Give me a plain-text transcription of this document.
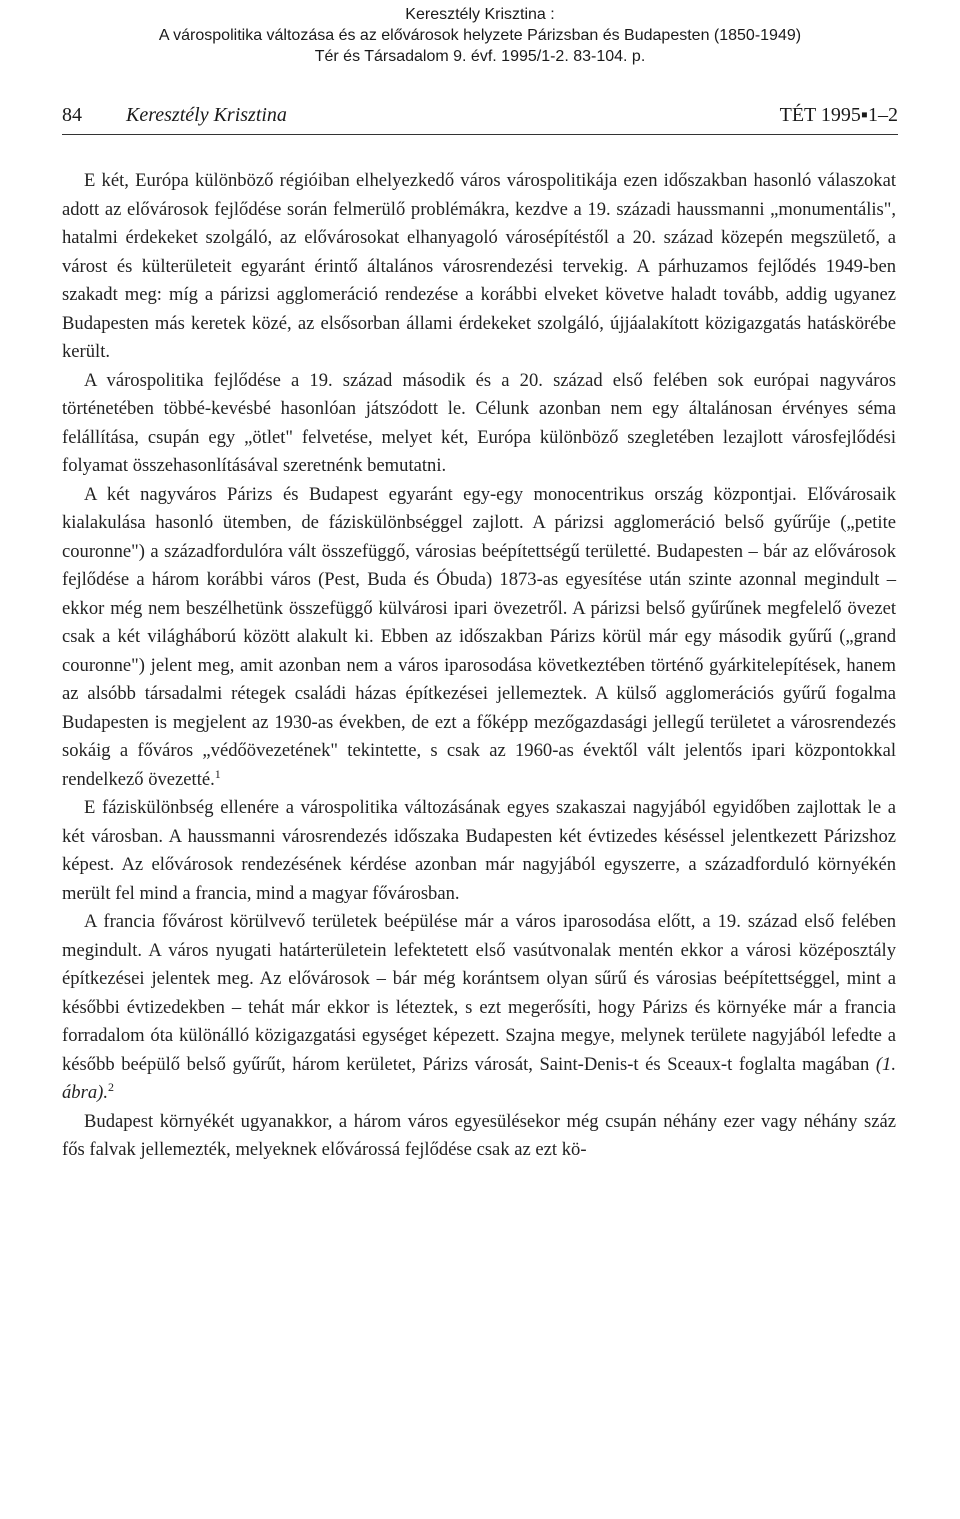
Keresztély Krisztina :
A várospolitika változása és az elővárosok helyzete Párizsban és Budapesten (1850-1949)
Tér és Társadalom 9. évf. 1995/1-2. 83-104. p.
84 Keresztély Krisztina	TÉT 1995▪1–2

E két, Európa különböző régióiban elhelyezkedő város várospolitikája ezen időszakban hasonló válaszokat adott az elővárosok fejlődése során felmerülő problémákra, kezdve a 19. századi haussmanni „monumentális", hatalmi érdekeket szolgáló, az elővárosokat elhanyagoló városépítéstől a 20. század közepén megszülető, a várost és külterületeit egyaránt érintő általános városrendezési tervekig. A párhuzamos fejlődés 1949-ben szakadt meg: míg a párizsi agglomeráció rendezése a korábbi elveket követve haladt tovább, addig ugyanez Budapesten más keretek közé, az elsősorban állami érdekeket szolgáló, újjáalakított közigazgatás hatáskörébe került.

A várospolitika fejlődése a 19. század második és a 20. század első felében sok európai nagyváros történetében többé-kevésbé hasonlóan játszódott le. Célunk azonban nem egy általánosan érvényes séma felállítása, csupán egy „ötlet" felvetése, melyet két, Európa különböző szegletében lezajlott városfejlődési folyamat összehasonlításával szeretnénk bemutatni.

A két nagyváros Párizs és Budapest egyaránt egy-egy monocentrikus ország központjai. Elővárosaik kialakulása hasonló ütemben, de fáziskülönbséggel zajlott. A párizsi agglomeráció belső gyűrűje („petite couronne") a századfordulóra vált összefüggő, városias beépítettségű területté. Budapesten – bár az elővárosok fejlődése a három korábbi város (Pest, Buda és Óbuda) 1873-as egyesítése után szinte azonnal megindult – ekkor még nem beszélhetünk összefüggő külvárosi ipari övezetről. A párizsi belső gyűrűnek megfelelő övezet csak a két világháború között alakult ki. Ebben az időszakban Párizs körül már egy második gyűrű („grand couronne") jelent meg, amit azonban nem a város iparosodása következtében történő gyárkitelepítések, hanem az alsóbb társadalmi rétegek családi házas építkezései jellemeztek. A külső agglomerációs gyűrű fogalma Budapesten is megjelent az 1930-as években, de ezt a főképp mezőgazdasági jellegű területet a városrendezés sokáig a főváros „védőövezetének" tekintette, s csak az 1960-as évektől vált jelentős ipari központokkal rendelkező övezetté.$^1$

E fáziskülönbség ellenére a várospolitika változásának egyes szakaszai nagyjából egyidőben zajlottak le a két városban. A haussmanni városrendezés időszaka Budapesten két évtizedes késéssel jelentkezett Párizshoz képest. Az elővárosok rendezésének kérdése azonban már nagyjából egyszerre, a századforduló környékén merült fel mind a francia, mind a magyar fővárosban.

A francia fővárost körülvevő területek beépülése már a város iparosodása előtt, a 19. század első felében megindult. A város nyugati határterületein lefektetett első vasútvonalak mentén ekkor a városi középosztály építkezései jelentek meg. Az elővárosok – bár még korántsem olyan sűrű és városias beépítettséggel, mint a későbbi évtizedekben – tehát már ekkor is léteztek, s ezt megerősíti, hogy Párizs és környéke már a francia forradalom óta különálló közigazgatási egységet képezett. Szajna megye, melynek területe nagyjából lefedte a később beépülő belső gyűrűt, három kerületet, Párizs városát, Saint-Denis-t és Sceaux-t foglalta magában (1. ábra).$^2$

Budapest környékét ugyanakkor, a három város egyesülésekor még csupán néhány ezer vagy néhány száz fős falvak jellemezték, melyeknek elővárossá fejlődése csak az ezt kö-
